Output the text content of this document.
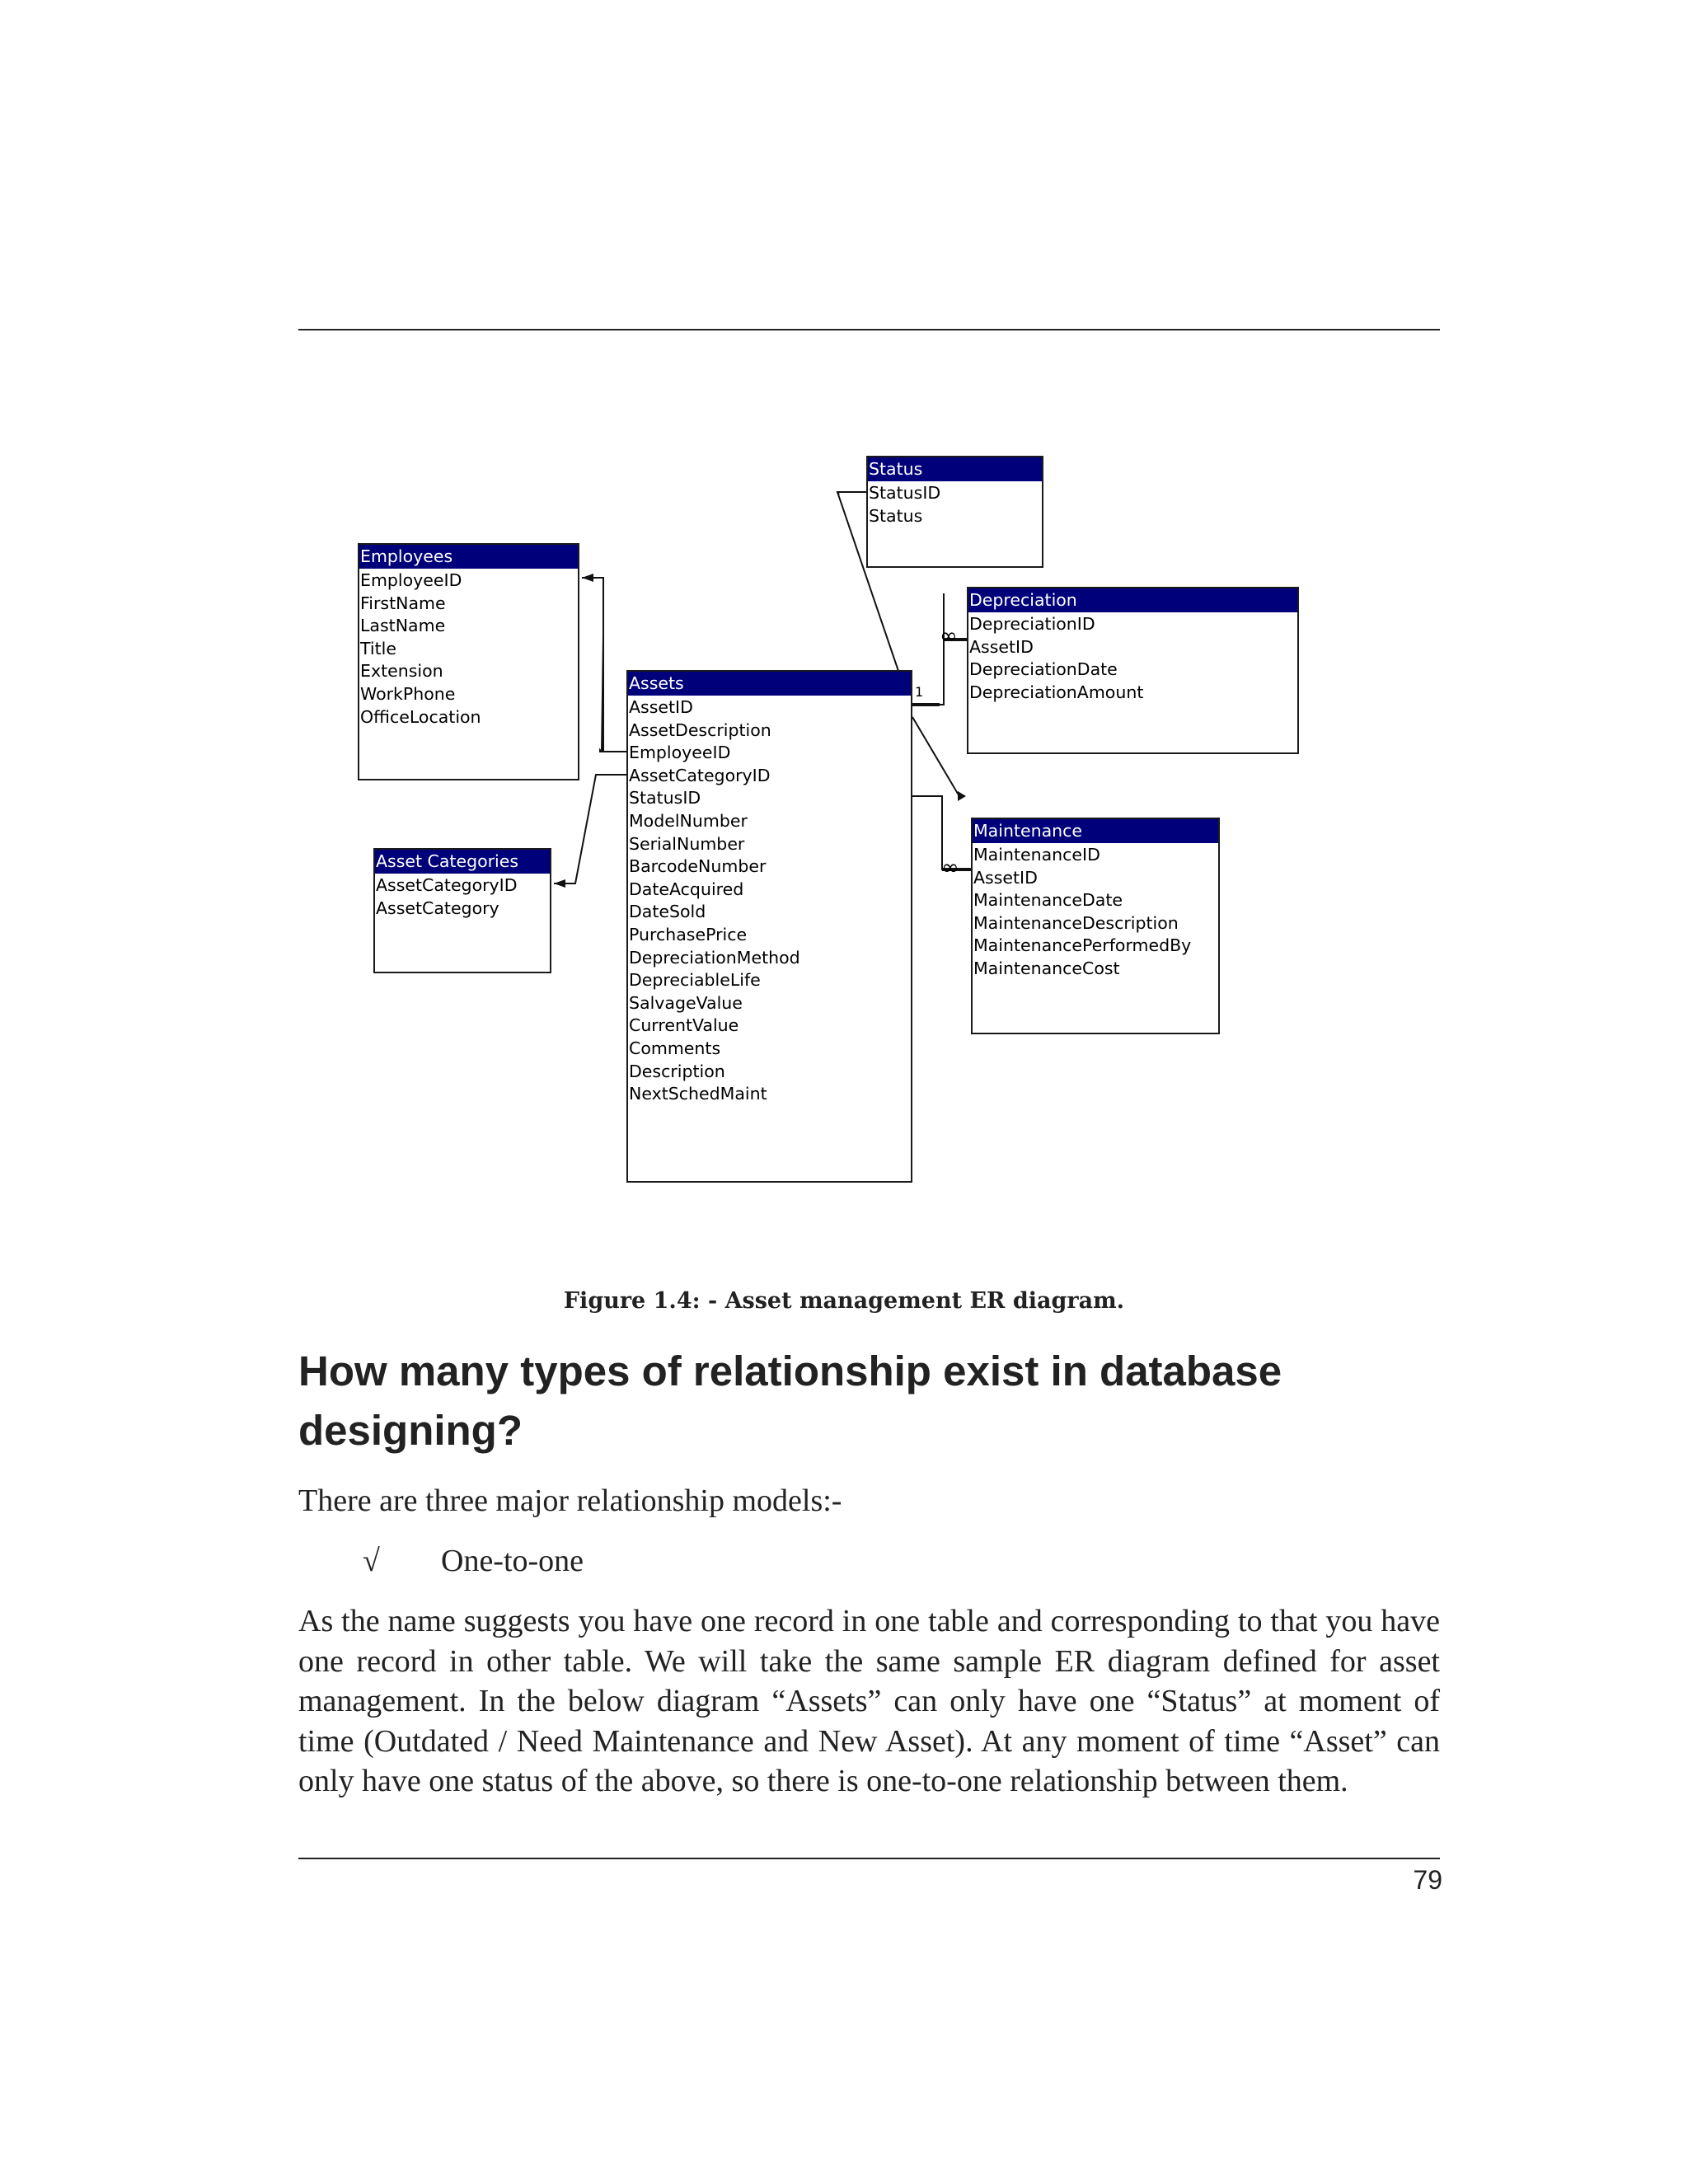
1
∞
∞
Status
StatusID
Status
Employees
EmployeeID
FirstName
LastName
Title
Extension
WorkPhone
OfficeLocation
Depreciation
DepreciationID
AssetID
DepreciationDate
DepreciationAmount
Assets
AssetID
AssetDescription
EmployeeID
AssetCategoryID
StatusID
ModelNumber
SerialNumber
BarcodeNumber
DateAcquired
DateSold
PurchasePrice
DepreciationMethod
DepreciableLife
SalvageValue
CurrentValue
Comments
Description
NextSchedMaint
Asset Categories
AssetCategoryID
AssetCategory
Maintenance
MaintenanceID
AssetID
MaintenanceDate
MaintenanceDescription
MaintenancePerformedBy
MaintenanceCost
Figure 1.4: - Asset management ER diagram.
How many types of relationship exist in database designing?

There are three major relationship models:-

√ One-to-one

As the name suggests you have one record in one table and corresponding to that you have one record in other table. We will take the same sample ER diagram defined for asset management. In the below diagram “Assets” can only have one “Status” at moment of time (Outdated / Need Maintenance and New Asset). At any moment of time “Asset” can only have one status of the above, so there is one-to-one relationship between them.

79
